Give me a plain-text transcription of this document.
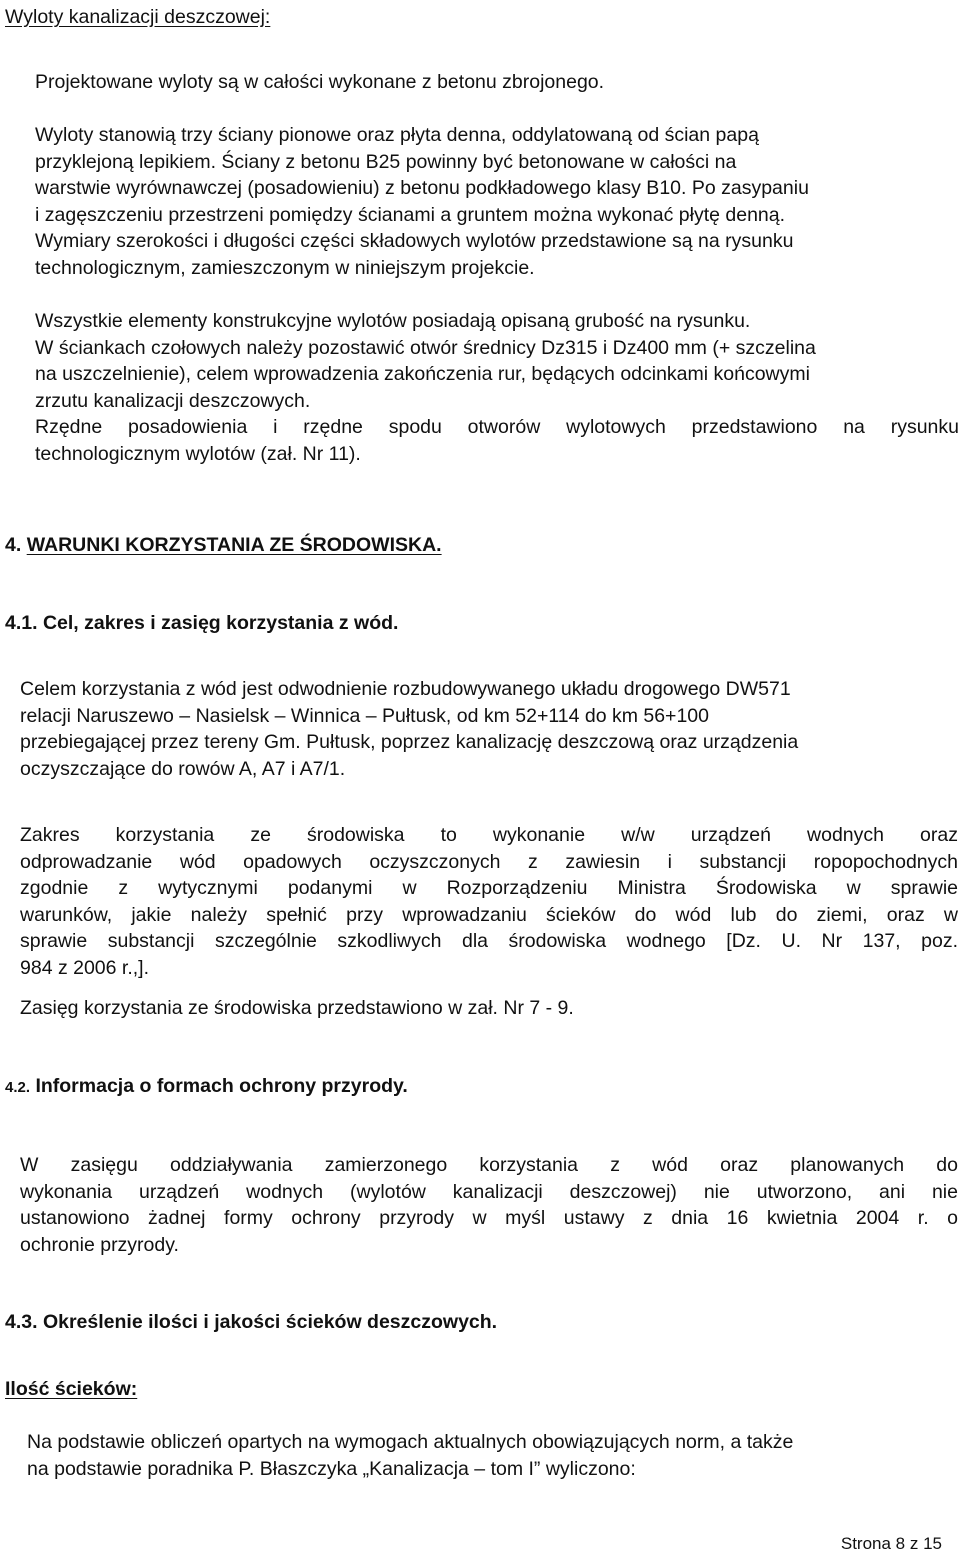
Wyloty kanalizacji deszczowej:
Projektowane wyloty są w całości wykonane z betonu zbrojonego.
Wyloty stanowią trzy ściany pionowe oraz płyta denna, oddylatowaną od ścian papą
przyklejoną lepikiem. Ściany z betonu B25 powinny być betonowane w całości na
warstwie wyrównawczej (posadowieniu) z betonu podkładowego klasy B10. Po zasypaniu
i zagęszczeniu przestrzeni pomiędzy ścianami a gruntem można wykonać płytę denną.
Wymiary szerokości i długości części składowych wylotów przedstawione są na rysunku
technologicznym, zamieszczonym w niniejszym projekcie.
Wszystkie elementy konstrukcyjne wylotów posiadają opisaną grubość na rysunku.
W ściankach czołowych należy pozostawić otwór średnicy Dz315 i Dz400 mm (+ szczelina
na uszczelnienie), celem wprowadzenia zakończenia rur, będących odcinkami końcowymi
zrzutu kanalizacji deszczowych.
Rzędne posadowienia i rzędne spodu otworów wylotowych przedstawiono na rysunku
technologicznym wylotów (zał. Nr 11).
4. WARUNKI KORZYSTANIA ZE ŚRODOWISKA.
4.1. Cel, zakres i zasięg korzystania z wód.
Celem korzystania z wód jest odwodnienie rozbudowywanego układu drogowego DW571
relacji Naruszewo – Nasielsk – Winnica – Pułtusk, od km 52+114 do km 56+100
przebiegającej przez tereny Gm. Pułtusk, poprzez kanalizację deszczową oraz urządzenia
oczyszczające do rowów A, A7 i A7/1.
Zakres korzystania ze środowiska to wykonanie w/w urządzeń wodnych oraz
odprowadzanie wód opadowych oczyszczonych z zawiesin i substancji ropopochodnych
zgodnie z wytycznymi podanymi w Rozporządzeniu Ministra Środowiska w sprawie
warunków, jakie należy spełnić przy wprowadzaniu ścieków do wód lub do ziemi, oraz w
sprawie substancji szczególnie szkodliwych dla środowiska wodnego [Dz. U. Nr 137, poz.
984 z 2006 r.,].
Zasięg korzystania ze środowiska przedstawiono w zał. Nr 7 - 9.
4.2. Informacja o formach ochrony przyrody.
W zasięgu oddziaływania zamierzonego korzystania z wód oraz planowanych do
wykonania urządzeń wodnych (wylotów kanalizacji deszczowej) nie utworzono, ani nie
ustanowiono żadnej formy ochrony przyrody w myśl ustawy z dnia 16 kwietnia 2004 r. o
ochronie przyrody.
4.3. Określenie ilości i jakości ścieków deszczowych.
Ilość ścieków:
Na podstawie obliczeń opartych na wymogach aktualnych obowiązujących norm, a także
na podstawie poradnika P. Błaszczyka „Kanalizacja – tom I” wyliczono:
Strona 8 z 15
